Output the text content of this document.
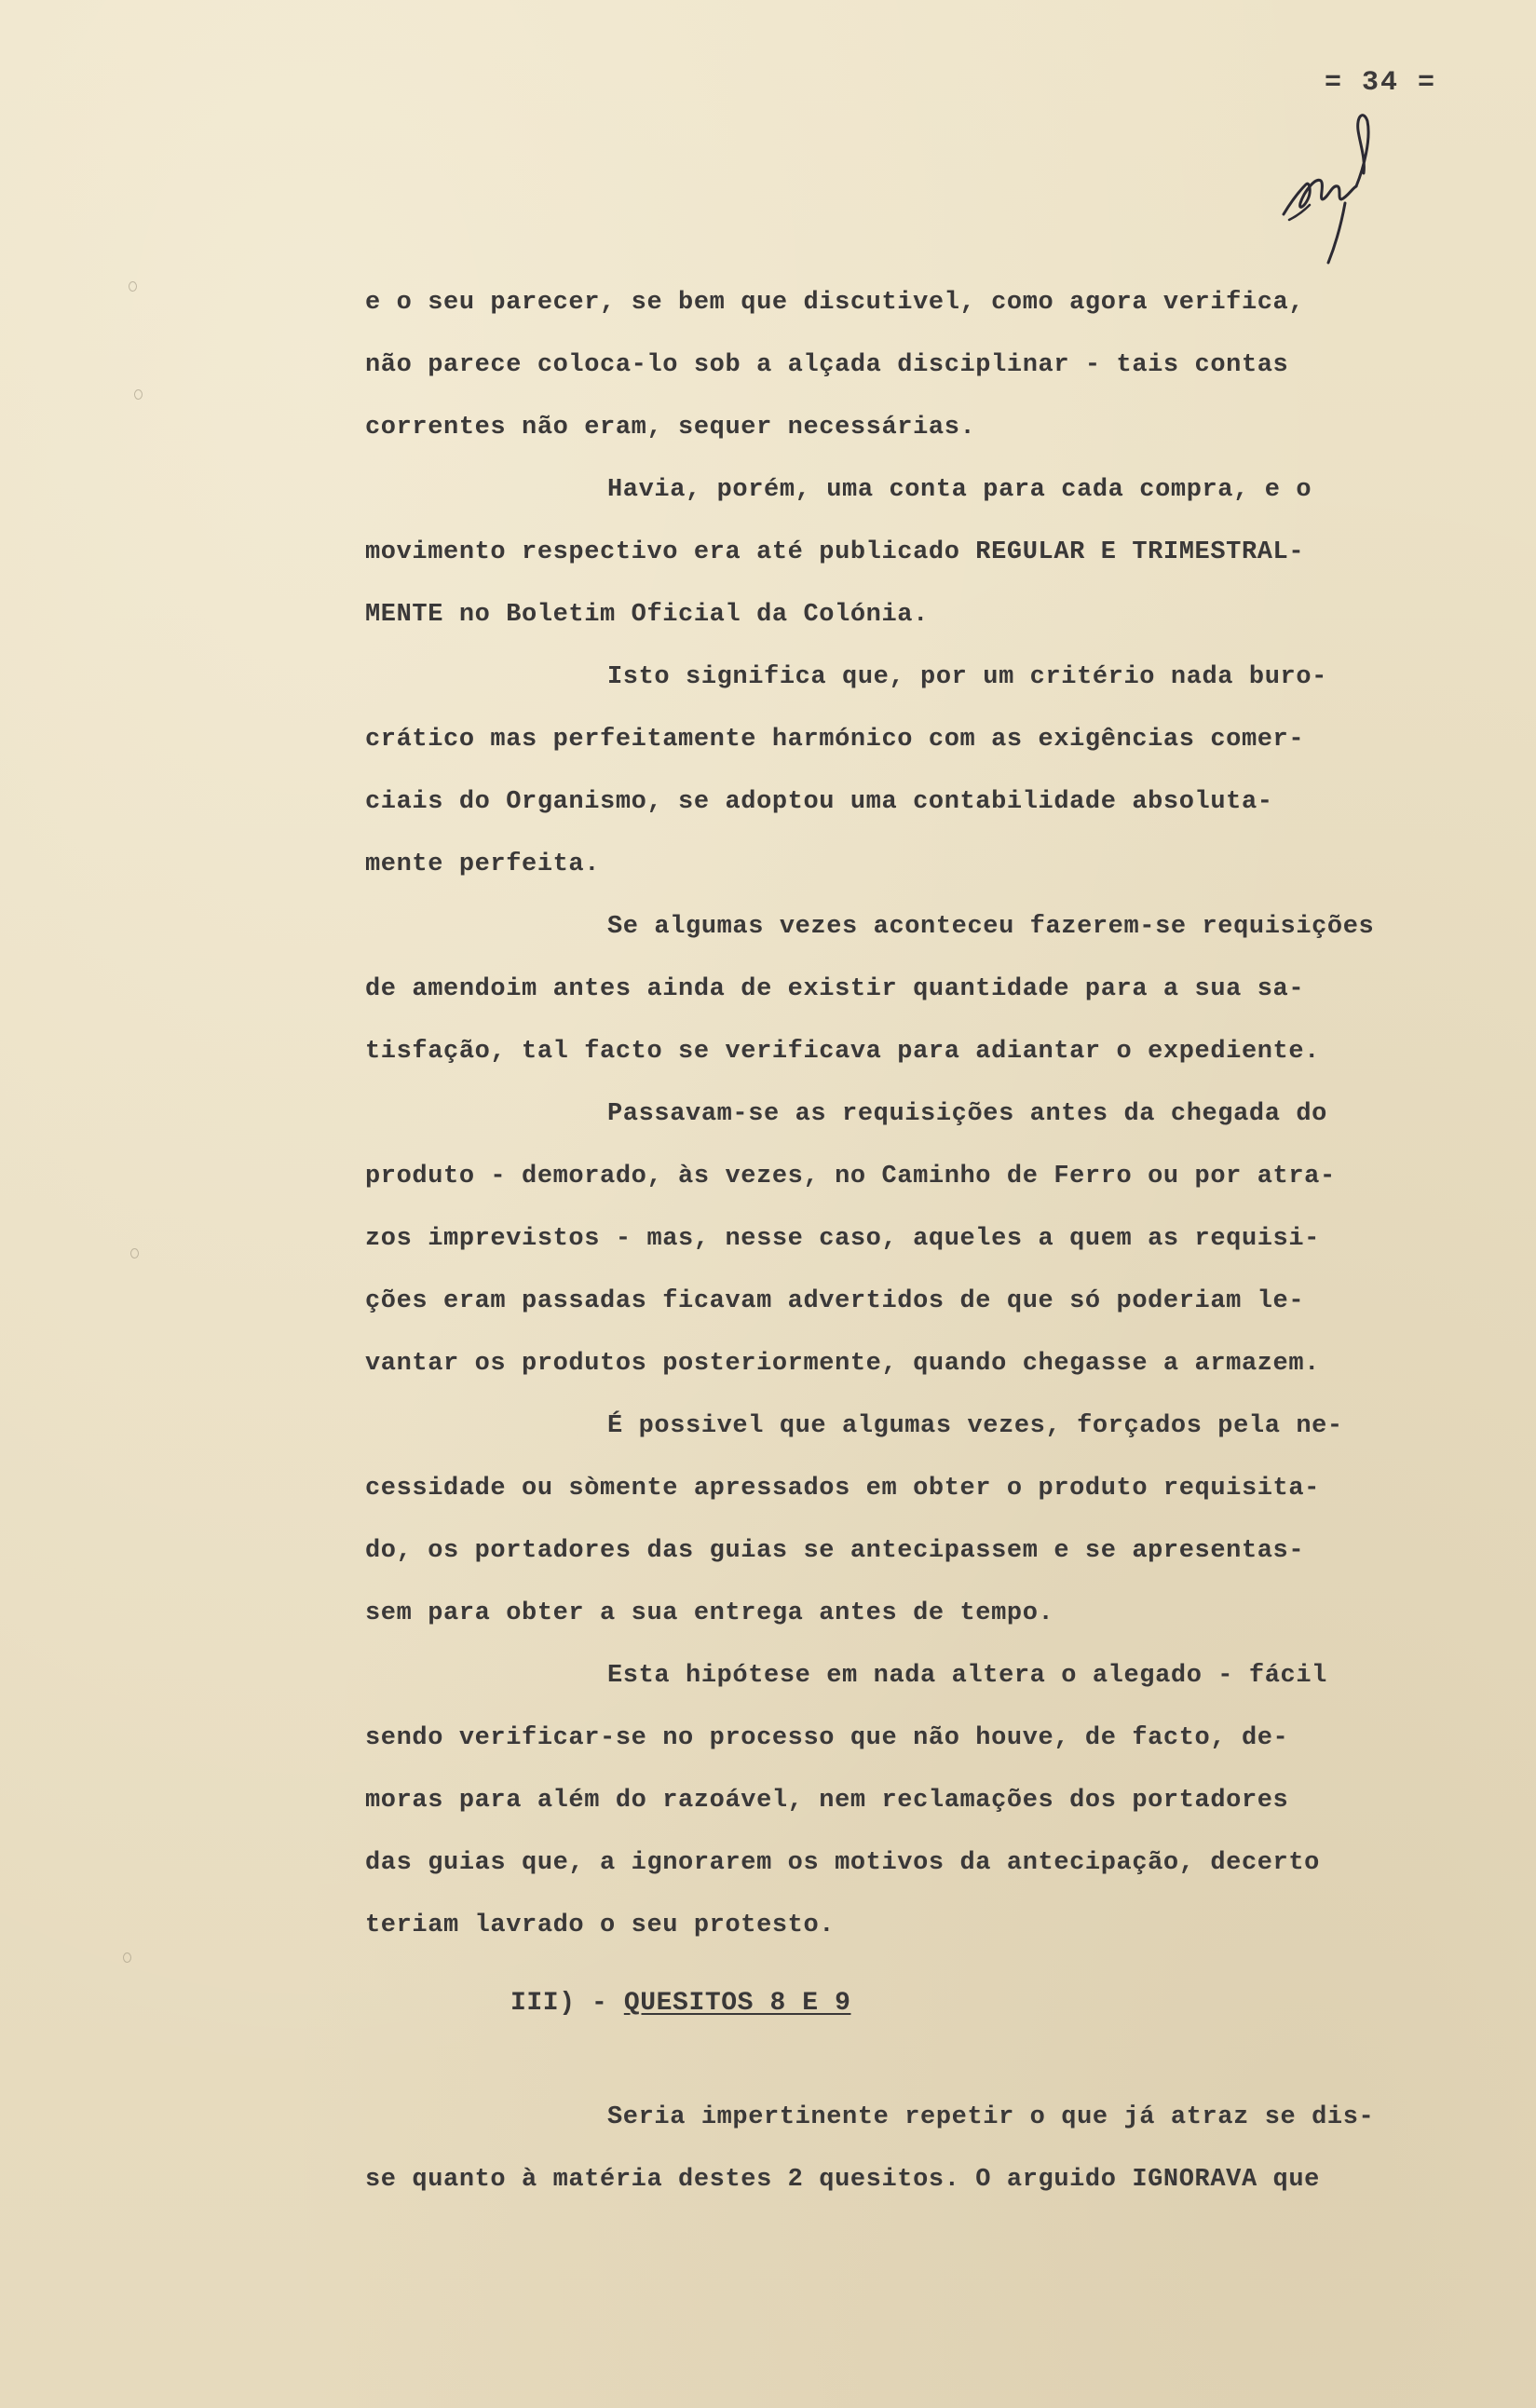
= 34 =
e o seu parecer, se bem que discutivel, como agora verifica,
não parece coloca-lo sob a alçada disciplinar - tais contas
correntes não eram, sequer necessárias.
Havia, porém, uma conta para cada compra, e o
movimento respectivo era até publicado REGULAR E TRIMESTRAL-
MENTE no Boletim Oficial da Colónia.
Isto significa que, por um critério nada buro-
crático mas perfeitamente harmónico com as exigências comer-
ciais do Organismo, se adoptou uma contabilidade absoluta-
mente perfeita.
Se algumas vezes aconteceu fazerem-se requisições
de amendoim antes ainda de existir quantidade para a sua sa-
tisfação, tal facto se verificava para adiantar o expediente.
Passavam-se as requisições antes da chegada do
produto - demorado, às vezes, no Caminho de Ferro ou por atra-
zos imprevistos - mas, nesse caso, aqueles a quem as requisi-
ções eram passadas ficavam advertidos de que só poderiam le-
vantar os produtos posteriormente, quando chegasse a armazem.
É possivel que algumas vezes, forçados pela ne-
cessidade ou sòmente apressados em obter o produto requisita-
do, os portadores das guias se antecipassem e se apresentas-
sem para obter a sua entrega antes de tempo.
Esta hipótese em nada altera o alegado - fácil
sendo verificar-se no processo que não houve, de facto, de-
moras para além do razoável, nem reclamações dos portadores
das guias que, a ignorarem os motivos da antecipação, decerto
teriam lavrado o seu protesto.
III) - QUESITOS 8 E 9
Seria impertinente repetir o que já atraz se dis-
se quanto à matéria destes 2 quesitos. O arguido IGNORAVA que
